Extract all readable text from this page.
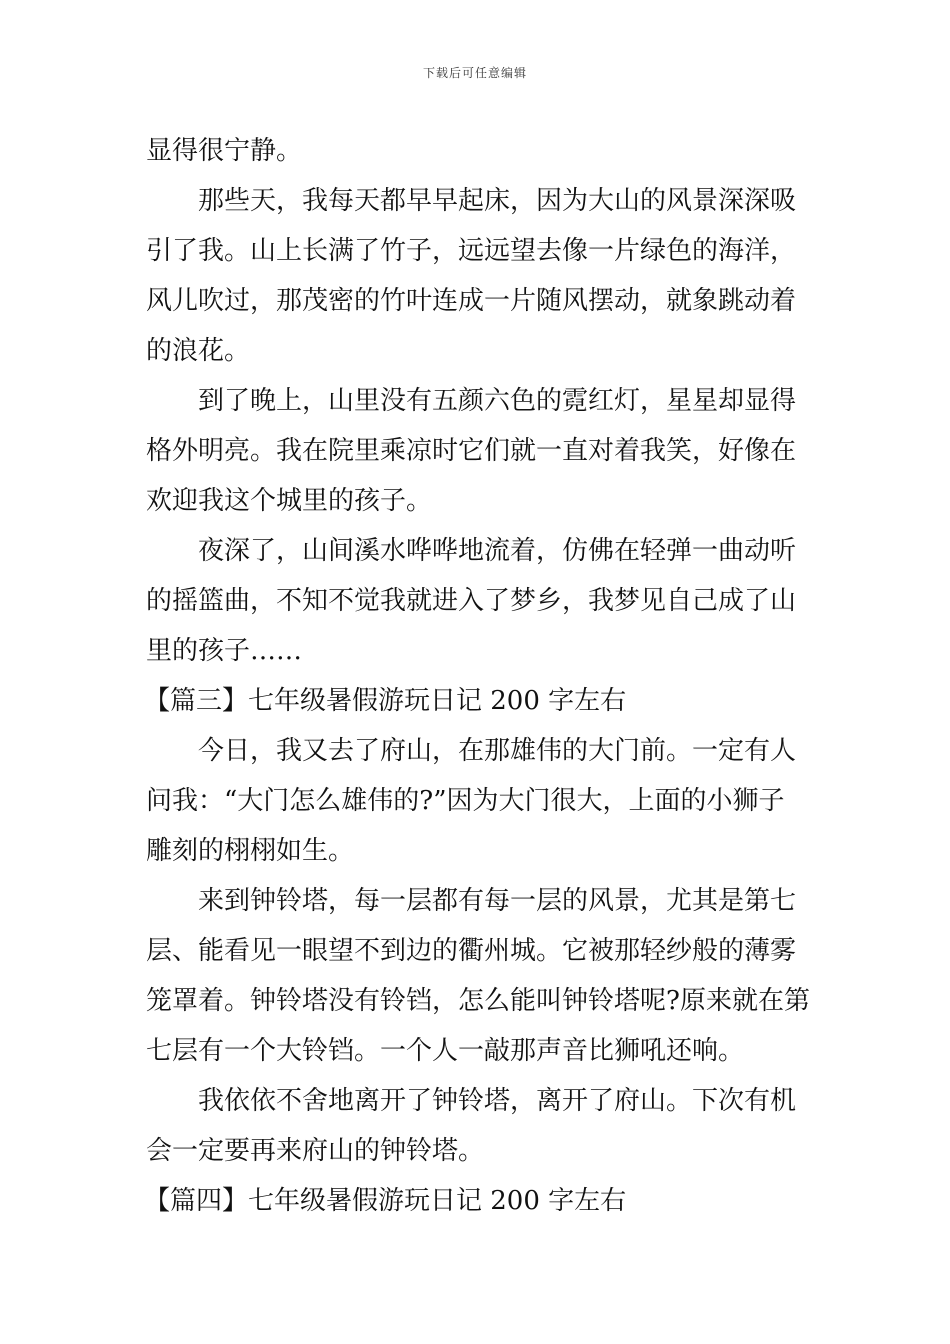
下载后可任意编辑
显得很宁静。
那些天，我每天都早早起床，因为大山的风景深深吸
引了我。山上长满了竹子，远远望去像一片绿色的海洋，
风儿吹过，那茂密的竹叶连成一片随风摆动，就象跳动着
的浪花。
到了晚上，山里没有五颜六色的霓红灯，星星却显得
格外明亮。我在院里乘凉时它们就一直对着我笑，好像在
欢迎我这个城里的孩子。
夜深了，山间溪水哗哗地流着，仿佛在轻弹一曲动听
的摇篮曲，不知不觉我就进入了梦乡，我梦见自己成了山
里的孩子……
【篇三】七年级暑假游玩日记 200 字左右
今日，我又去了府山，在那雄伟的大门前。一定有人
问我：“大门怎么雄伟的?”因为大门很大，上面的小狮子
雕刻的栩栩如生。
来到钟铃塔，每一层都有每一层的风景，尤其是第七
层、能看见一眼望不到边的衢州城。它被那轻纱般的薄雾
笼罩着。钟铃塔没有铃铛，怎么能叫钟铃塔呢?原来就在第
七层有一个大铃铛。一个人一敲那声音比狮吼还响。
我依依不舍地离开了钟铃塔，离开了府山。下次有机
会一定要再来府山的钟铃塔。
【篇四】七年级暑假游玩日记 200 字左右
